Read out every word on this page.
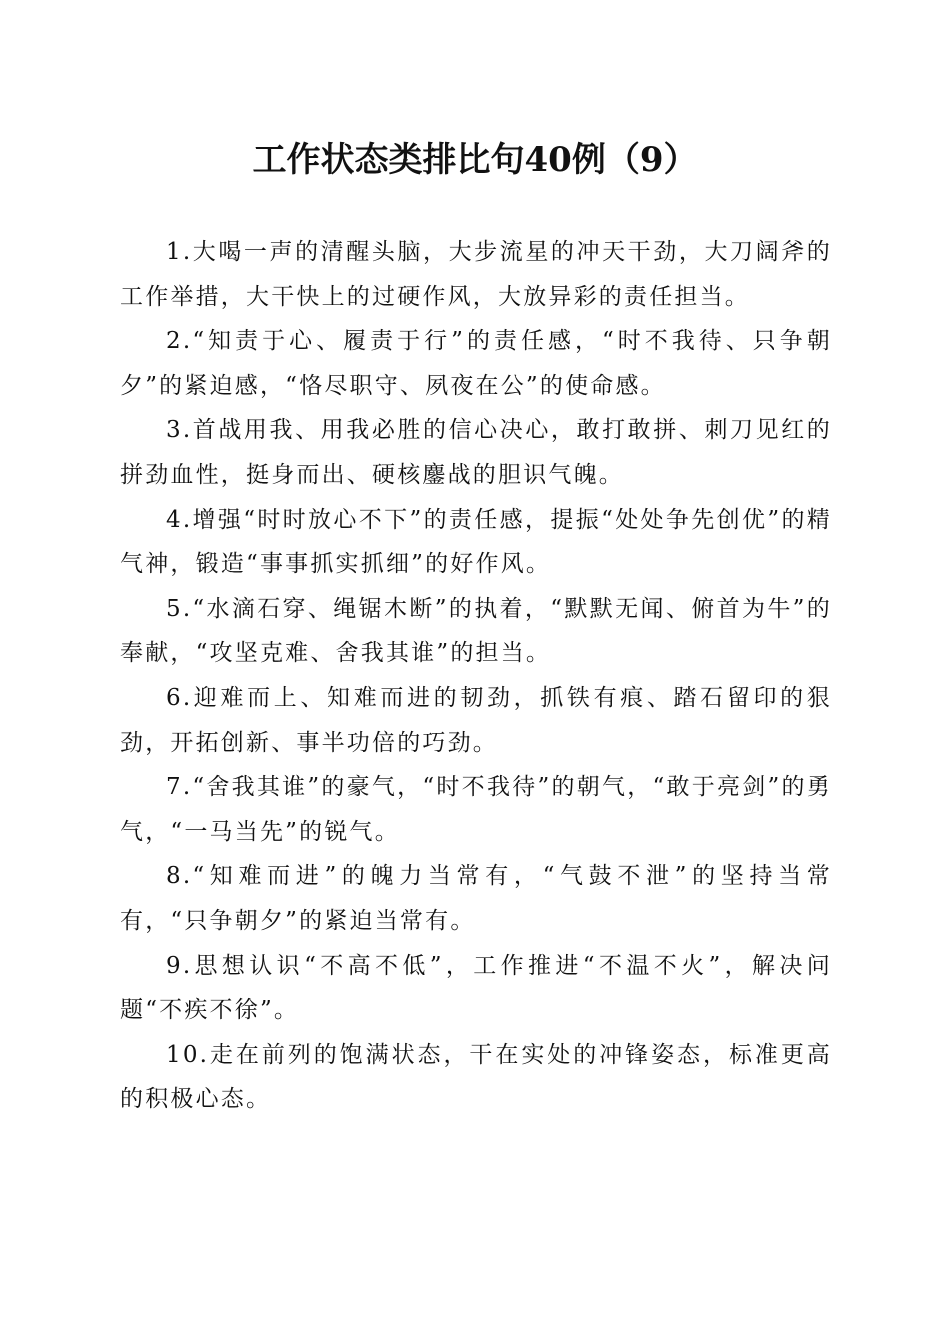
工作状态类排比句40例（9）

1.大喝一声的清醒头脑，大步流星的冲天干劲，大刀阔斧的工作举措，大干快上的过硬作风，大放异彩的责任担当。

2.“知责于心、履责于行”的责任感，“时不我待、只争朝夕”的紧迫感，“恪尽职守、夙夜在公”的使命感。

3.首战用我、用我必胜的信心决心，敢打敢拼、刺刀见红的拼劲血性，挺身而出、硬核鏖战的胆识气魄。

4.增强“时时放心不下”的责任感，提振“处处争先创优”的精气神，锻造“事事抓实抓细”的好作风。

5.“水滴石穿、绳锯木断”的执着，“默默无闻、俯首为牛”的奉献，“攻坚克难、舍我其谁”的担当。

6.迎难而上、知难而进的韧劲，抓铁有痕、踏石留印的狠劲，开拓创新、事半功倍的巧劲。

7.“舍我其谁”的豪气，“时不我待”的朝气，“敢于亮剑”的勇气，“一马当先”的锐气。

8.“知难而进”的魄力当常有，“气鼓不泄”的坚持当常有，“只争朝夕”的紧迫当常有。

9.思想认识“不高不低”，工作推进“不温不火”，解决问题“不疾不徐”。

10.走在前列的饱满状态，干在实处的冲锋姿态，标准更高的积极心态。
